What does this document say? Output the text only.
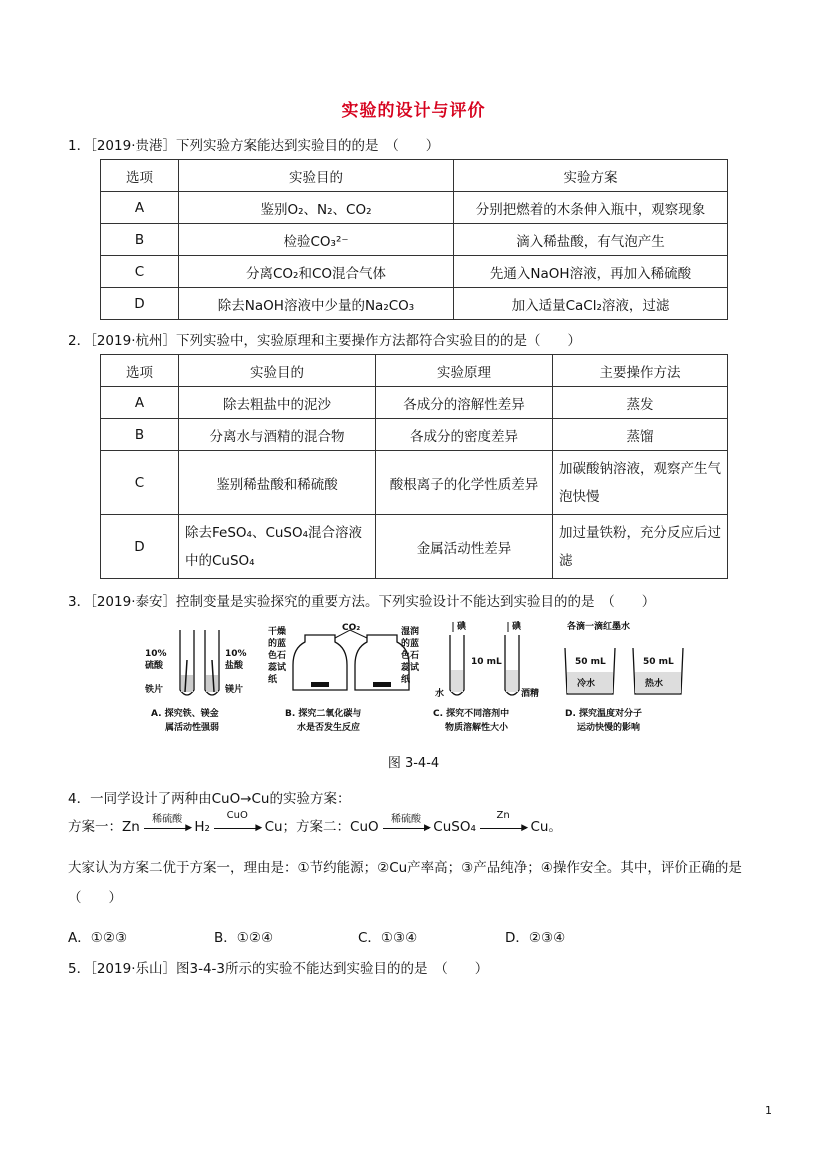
实验的设计与评价
1．［2019·贵港］下列实验方案能达到实验目的的是　（　　）
选项	实验目的	实验方案
A	鉴别O₂、N₂、CO₂	分别把燃着的木条伸入瓶中，观察现象
B	检验CO₃²⁻	滴入稀盐酸，有气泡产生
C	分离CO₂和CO混合气体	先通入NaOH溶液，再加入稀硫酸
D	除去NaOH溶液中少量的Na₂CO₃	加入适量CaCl₂溶液，过滤
2．［2019·杭州］下列实验中，实验原理和主要操作方法都符合实验目的的是（　　）
选项	实验目的	实验原理	主要操作方法
A	除去粗盐中的泥沙	各成分的溶解性差异	蒸发
B	分离水与酒精的混合物	各成分的密度差异	蒸馏
C	鉴别稀盐酸和稀硫酸	酸根离子的化学性质差异	加碳酸钠溶液，观察产生气泡快慢
D	除去FeSO₄、CuSO₄混合溶液中的CuSO₄	金属活动性差异	加过量铁粉，充分反应后过滤
3．［2019·泰安］控制变量是实验探究的重要方法。下列实验设计不能达到实验目的的是　（　　）
10%
硫酸
铁片
10%
盐酸
镁片
A. 探究铁、镁金
属活动性强弱
干燥
的蓝
色石
蕊试
纸
CO₂	湿润
的蓝
色石
蕊试
纸
B. 探究二氧化碳与
水是否发生反应
碘	碘
10 mL
水	酒精
C. 探究不同溶剂中
物质溶解性大小
各滴一滴红墨水
50 mL
冷水
50 mL
热水
D. 探究温度对分子
运动快慢的影响
图 3-4-4
4．一同学设计了两种由CuO→Cu的实验方案：
方案一：Zn	稀硫酸
▶ H₂
CuO
▶ Cu；方案二：CuO	稀硫酸
▶ CuSO₄
Zn
▶ Cu。
大家认为方案二优于方案一，理由是：①节约能源；②Cu产率高；③产品纯净；④操作安全。其中，评价正确的是　（　　）
A．①②③	B．①②④	C．①③④	D．②③④
5．［2019·乐山］图3-4-3所示的实验不能达到实验目的的是　（　　）
1
